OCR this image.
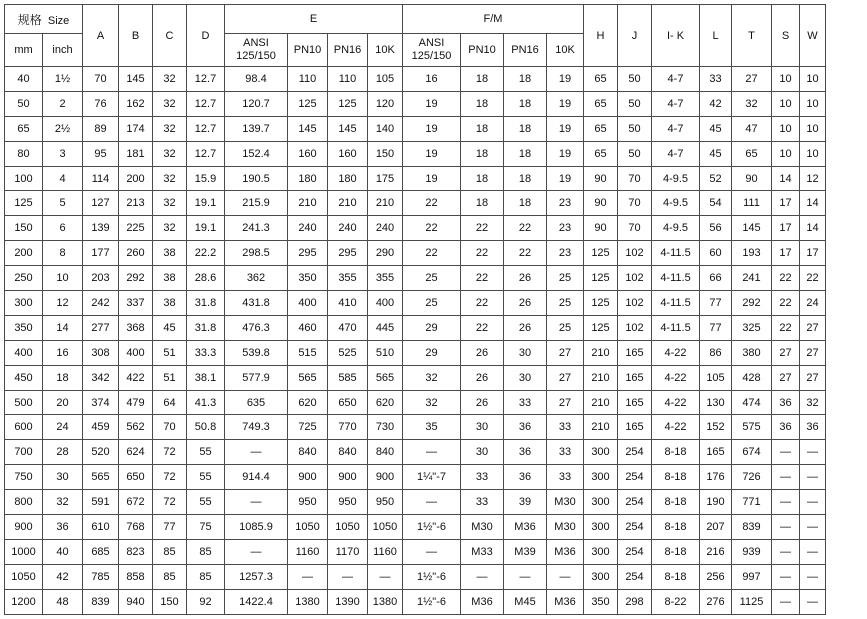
规格 Size		A	B	C	D	E				F/M				H	J	I- K	L	T	S	W
mm	inch					ANSI 125/150	PN10	PN16	10K	ANSI 125/150	PN10	PN16	10K							
40	1½	70	145	32	12.7	98.4	110	110	105	16	18	18	19	65	50	4-7	33	27	10	10
50	2	76	162	32	12.7	120.7	125	125	120	19	18	18	19	65	50	4-7	42	32	10	10
65	2½	89	174	32	12.7	139.7	145	145	140	19	18	18	19	65	50	4-7	45	47	10	10
80	3	95	181	32	12.7	152.4	160	160	150	19	18	18	19	65	50	4-7	45	65	10	10
100	4	114	200	32	15.9	190.5	180	180	175	19	18	18	19	90	70	4-9.5	52	90	14	12
125	5	127	213	32	19.1	215.9	210	210	210	22	18	18	23	90	70	4-9.5	54	111	17	14
150	6	139	225	32	19.1	241.3	240	240	240	22	22	22	23	90	70	4-9.5	56	145	17	14
200	8	177	260	38	22.2	298.5	295	295	290	22	22	22	23	125	102	4-11.5	60	193	17	17
250	10	203	292	38	28.6	362	350	355	355	25	22	26	25	125	102	4-11.5	66	241	22	22
300	12	242	337	38	31.8	431.8	400	410	400	25	22	26	25	125	102	4-11.5	77	292	22	24
350	14	277	368	45	31.8	476.3	460	470	445	29	22	26	25	125	102	4-11.5	77	325	22	27
400	16	308	400	51	33.3	539.8	515	525	510	29	26	30	27	210	165	4-22	86	380	27	27
450	18	342	422	51	38.1	577.9	565	585	565	32	26	30	27	210	165	4-22	105	428	27	27
500	20	374	479	64	41.3	635	620	650	620	32	26	33	27	210	165	4-22	130	474	36	32
600	24	459	562	70	50.8	749.3	725	770	730	35	30	36	33	210	165	4-22	152	575	36	36
700	28	520	624	72	55	—	840	840	840	—	30	36	33	300	254	8-18	165	674	—	—
750	30	565	650	72	55	914.4	900	900	900	1¼"-7	33	36	33	300	254	8-18	176	726	—	—
800	32	591	672	72	55	—	950	950	950	—	33	39	M30	300	254	8-18	190	771	—	—
900	36	610	768	77	75	1085.9	1050	1050	1050	1½"-6	M30	M36	M30	300	254	8-18	207	839	—	—
1000	40	685	823	85	85	—	1160	1170	1160	—	M33	M39	M36	300	254	8-18	216	939	—	—
1050	42	785	858	85	85	1257.3	—	—	—	1½"-6	—	—	—	300	254	8-18	256	997	—	—
1200	48	839	940	150	92	1422.4	1380	1390	1380	1½"-6	M36	M45	M36	350	298	8-22	276	1125	—	—
